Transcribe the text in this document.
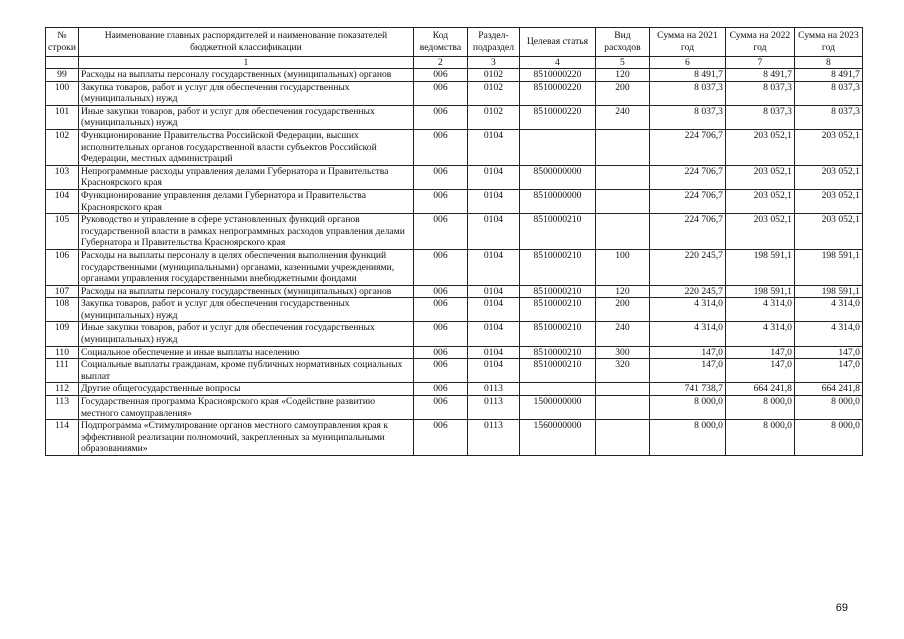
№ строки	Наименование главных распорядителей и наименование показателей бюджетной классификации	Код ведомства	Раздел-подраздел	Целевая статья	Вид расходов	Сумма на 2021 год	Сумма на 2022 год	Сумма на 2023 год
	1	2	3	4	5	6	7	8
99	Расходы на выплаты персоналу государственных (муниципальных) органов	006	0102	8510000220	120	8 491,7	8 491,7	8 491,7
100	Закупка товаров, работ и услуг для обеспечения государственных (муниципальных) нужд	006	0102	8510000220	200	8 037,3	8 037,3	8 037,3
101	Иные закупки товаров, работ и услуг для обеспечения государственных (муниципальных) нужд	006	0102	8510000220	240	8 037,3	8 037,3	8 037,3
102	Функционирование Правительства Российской Федерации, высших исполнительных органов государственной власти субъектов Российской Федерации, местных администраций	006	0104			224 706,7	203 052,1	203 052,1
103	Непрограммные расходы управления делами Губернатора и Правительства Красноярского края	006	0104	8500000000		224 706,7	203 052,1	203 052,1
104	Функционирование управления делами Губернатора и Правительства Красноярского края	006	0104	8510000000		224 706,7	203 052,1	203 052,1
105	Руководство и управление в сфере установленных функций органов государственной власти в рамках непрограммных расходов управления делами Губернатора и Правительства Красноярского края	006	0104	8510000210		224 706,7	203 052,1	203 052,1
106	Расходы на выплаты персоналу в целях обеспечения выполнения функций государственными (муниципальными) органами, казенными учреждениями, органами управления государственными внебюджетными фондами	006	0104	8510000210	100	220 245,7	198 591,1	198 591,1
107	Расходы на выплаты персоналу государственных (муниципальных) органов	006	0104	8510000210	120	220 245,7	198 591,1	198 591,1
108	Закупка товаров, работ и услуг для обеспечения государственных (муниципальных) нужд	006	0104	8510000210	200	4 314,0	4 314,0	4 314,0
109	Иные закупки товаров, работ и услуг для обеспечения государственных (муниципальных) нужд	006	0104	8510000210	240	4 314,0	4 314,0	4 314,0
110	Социальное обеспечение и иные выплаты населению	006	0104	8510000210	300	147,0	147,0	147,0
111	Социальные выплаты гражданам, кроме публичных нормативных социальных выплат	006	0104	8510000210	320	147,0	147,0	147,0
112	Другие общегосударственные вопросы	006	0113			741 738,7	664 241,8	664 241,8
113	Государственная программа Красноярского края «Содействие развитию местного самоуправления»	006	0113	1500000000		8 000,0	8 000,0	8 000,0
114	Подпрограмма «Стимулирование органов местного самоуправления края к эффективной реализации полномочий, закрепленных за муниципальными образованиями»	006	0113	1560000000		8 000,0	8 000,0	8 000,0
69
